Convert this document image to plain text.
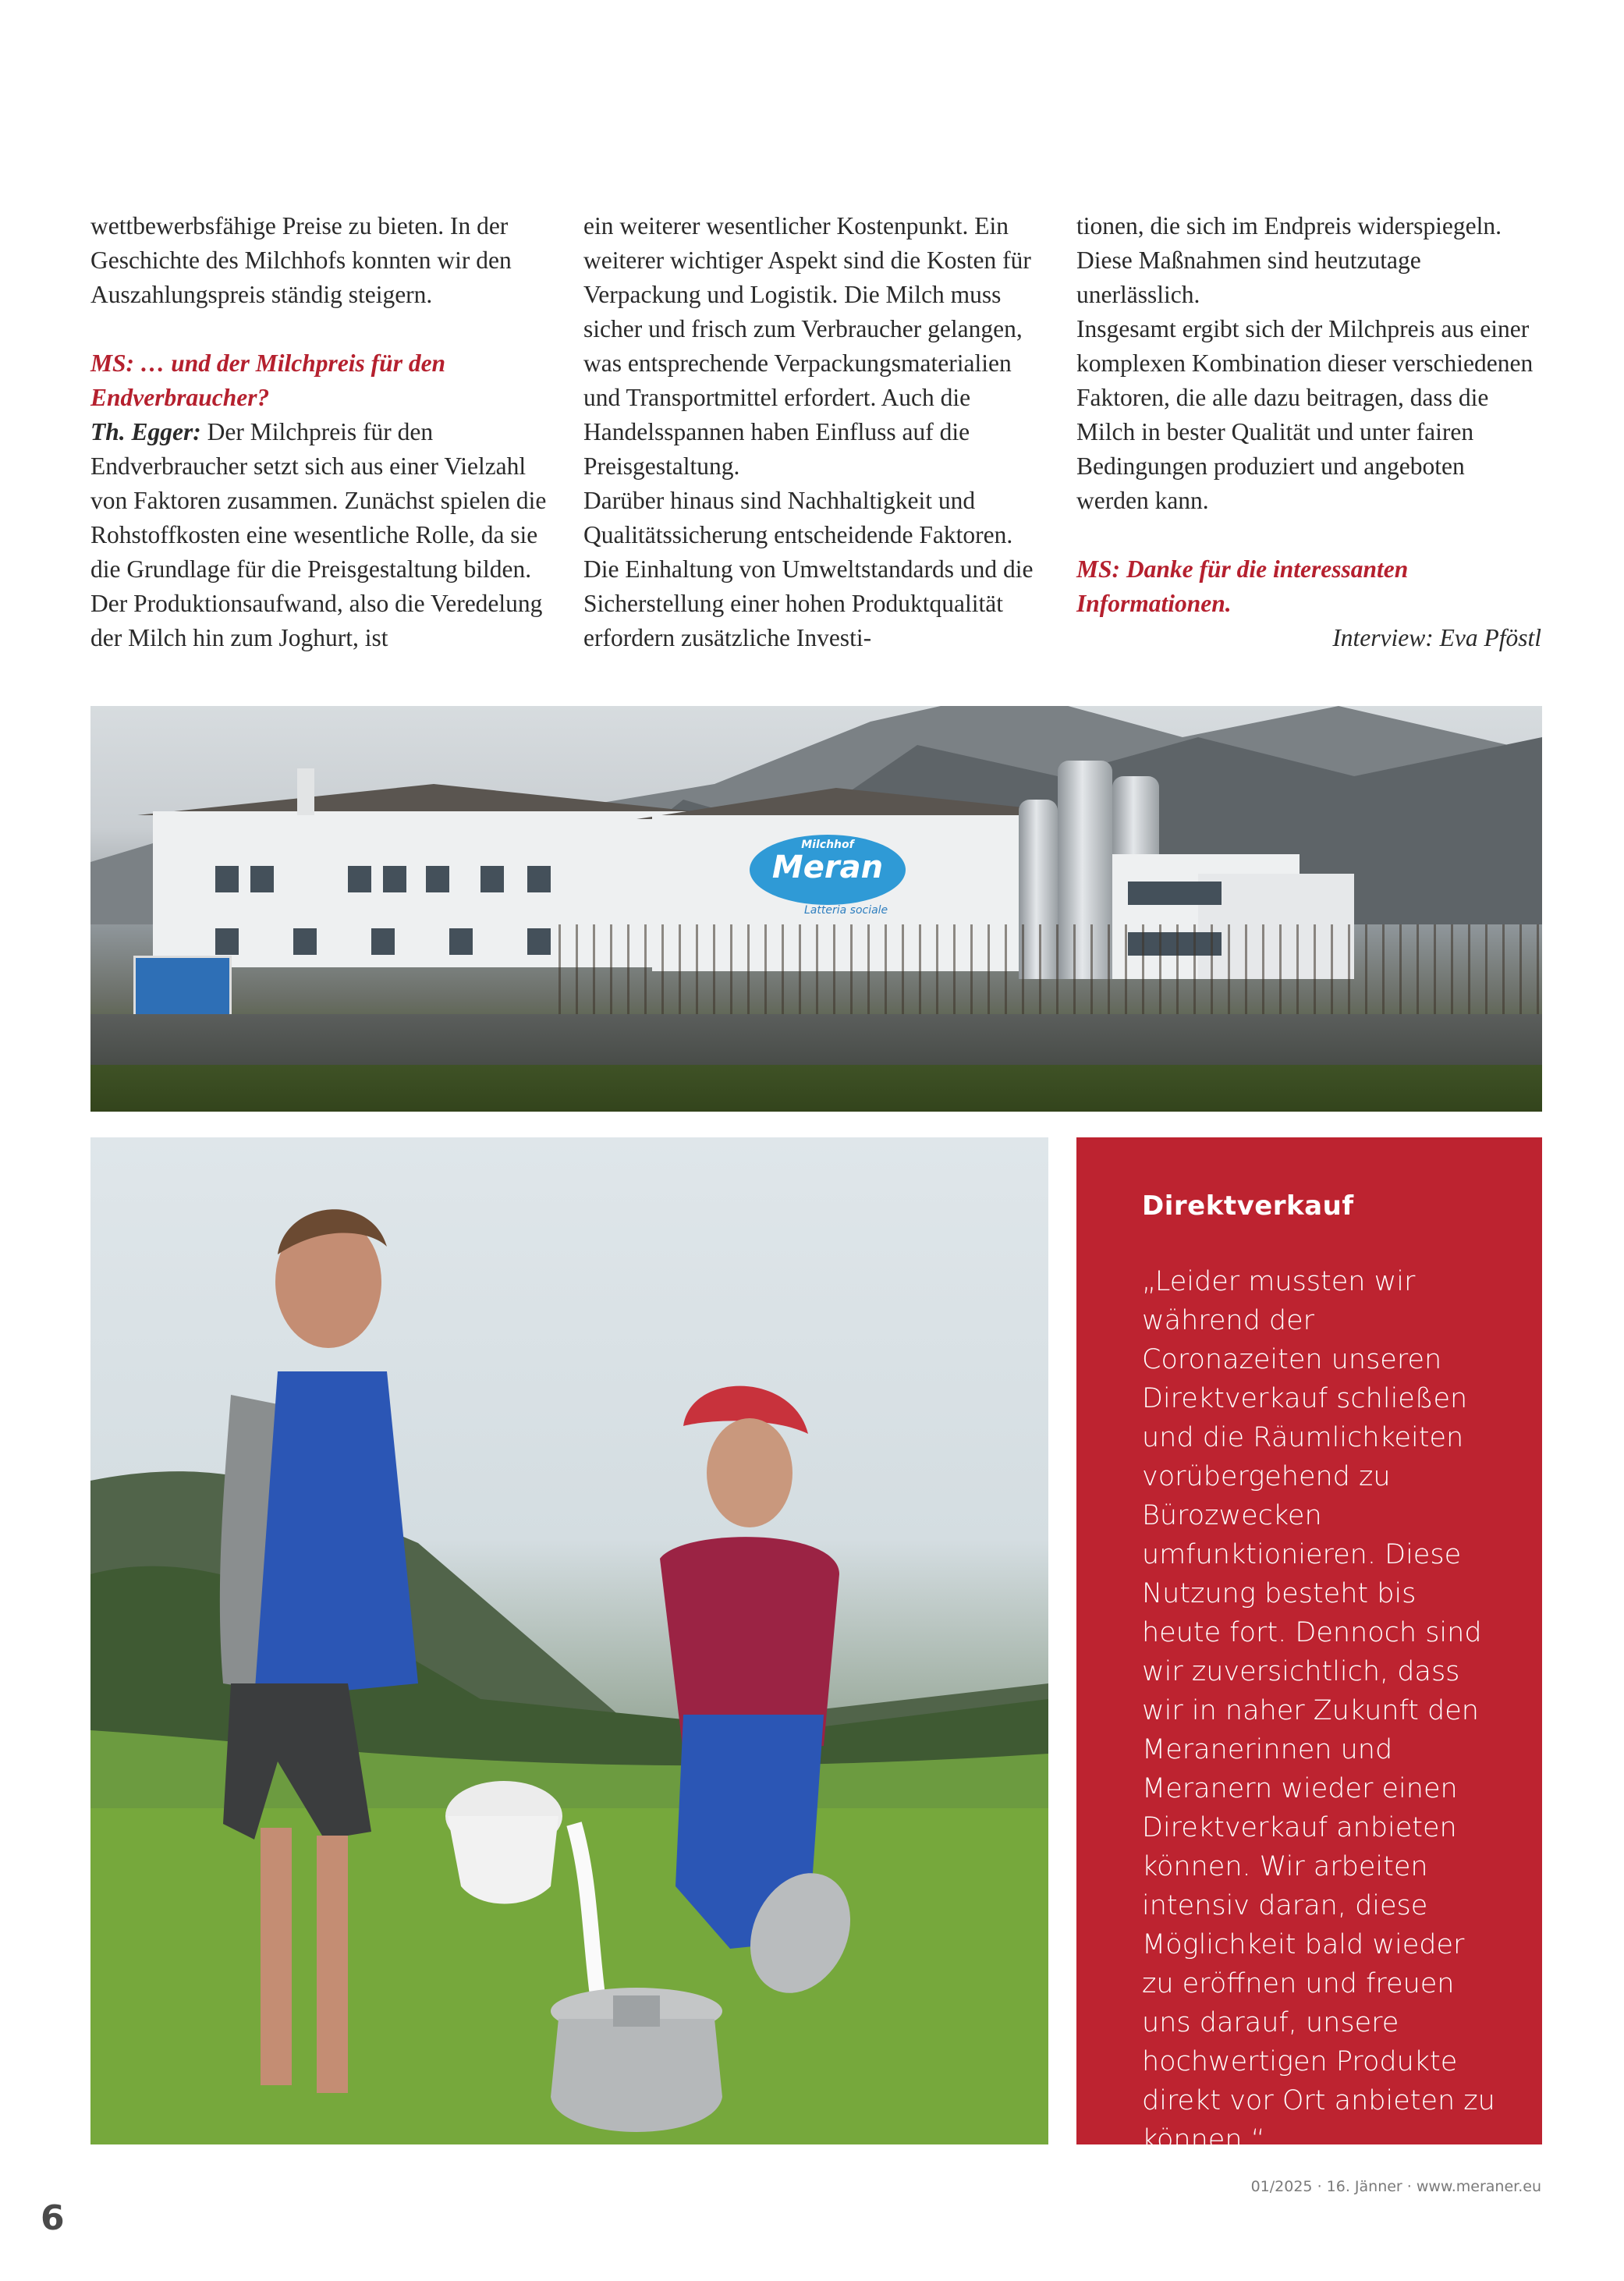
wettbewerbsfähige Preise zu bieten. In der Geschichte des Milchhofs konnten wir den Auszahlungspreis ständig steigern.

MS: … und der Milchpreis für den Endverbraucher?

Th. Egger: Der Milchpreis für den Endverbraucher setzt sich aus einer Vielzahl von Faktoren zusammen. Zunächst spielen die Rohstoffkosten eine wesentliche Rolle, da sie die Grundlage für die Preisgestaltung bilden. Der Produktionsaufwand, also die Veredelung der Milch hin zum Joghurt, ist

ein weiterer wesentlicher Kostenpunkt. Ein weiterer wichtiger Aspekt sind die Kosten für Verpackung und Logistik. Die Milch muss sicher und frisch zum Verbraucher gelangen, was entsprechende Verpackungsmaterialien und Transportmittel erfordert. Auch die Handelsspannen haben Einfluss auf die Preisgestaltung.

Darüber hinaus sind Nachhaltigkeit und Qualitätssicherung entscheidende Faktoren. Die Einhaltung von Umweltstandards und die Sicherstellung einer hohen Produktqualität erfordern zusätzliche Investi-

tionen, die sich im Endpreis widerspiegeln. Diese Maßnahmen sind heutzutage unerlässlich.

Insgesamt ergibt sich der Milchpreis aus einer komplexen Kombination dieser verschiedenen Faktoren, die alle dazu beitragen, dass die Milch in bester Qualität und unter fairen Bedingungen produziert und angeboten werden kann.

MS: Danke für die interessanten Informationen.

Interview: Eva Pföstl

Milchhof
Meran
Latteria sociale
Direktverkauf

„Leider mussten wir während der Coronazeiten unseren Direktverkauf schließen und die Räumlichkeiten vorübergehend zu Bürozwecken umfunktionieren. Diese Nutzung besteht bis heute fort. Dennoch sind wir zuversichtlich, dass wir in naher Zukunft den Meranerinnen und Meranern wieder einen Direktverkauf anbieten können. Wir arbeiten intensiv daran, diese Möglichkeit bald wieder zu eröffnen und freuen uns darauf, unsere hochwertigen Produkte direkt vor Ort anbieten zu können.“

6
01/2025 · 16. Jänner · www.meraner.eu
